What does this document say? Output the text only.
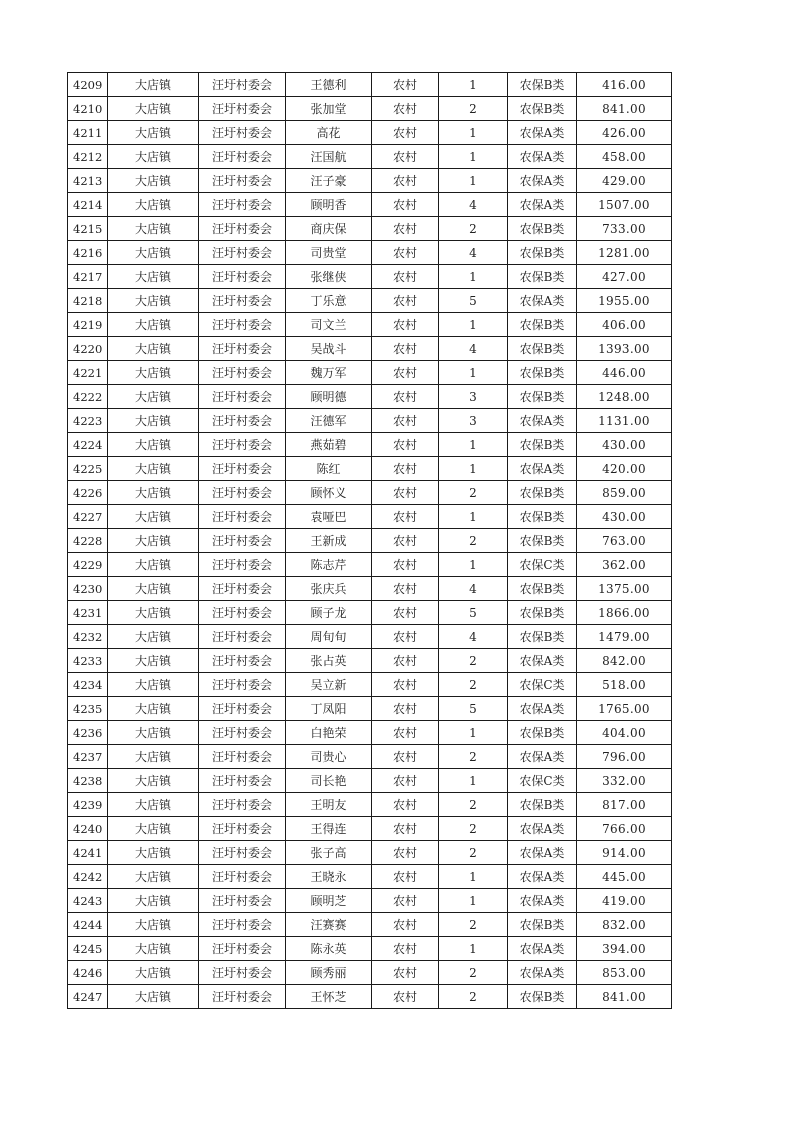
4209	大店镇	汪圩村委会	王德利	农村	1	农保B类	416.00
4210	大店镇	汪圩村委会	张加堂	农村	2	农保B类	841.00
4211	大店镇	汪圩村委会	高花	农村	1	农保A类	426.00
4212	大店镇	汪圩村委会	汪国航	农村	1	农保A类	458.00
4213	大店镇	汪圩村委会	汪子豪	农村	1	农保A类	429.00
4214	大店镇	汪圩村委会	顾明香	农村	4	农保A类	1507.00
4215	大店镇	汪圩村委会	商庆保	农村	2	农保B类	733.00
4216	大店镇	汪圩村委会	司贵堂	农村	4	农保B类	1281.00
4217	大店镇	汪圩村委会	张继侠	农村	1	农保B类	427.00
4218	大店镇	汪圩村委会	丁乐意	农村	5	农保A类	1955.00
4219	大店镇	汪圩村委会	司文兰	农村	1	农保B类	406.00
4220	大店镇	汪圩村委会	吴战斗	农村	4	农保B类	1393.00
4221	大店镇	汪圩村委会	魏万军	农村	1	农保B类	446.00
4222	大店镇	汪圩村委会	顾明德	农村	3	农保B类	1248.00
4223	大店镇	汪圩村委会	汪德军	农村	3	农保A类	1131.00
4224	大店镇	汪圩村委会	燕茹碧	农村	1	农保B类	430.00
4225	大店镇	汪圩村委会	陈红	农村	1	农保A类	420.00
4226	大店镇	汪圩村委会	顾怀义	农村	2	农保B类	859.00
4227	大店镇	汪圩村委会	袁哑巴	农村	1	农保B类	430.00
4228	大店镇	汪圩村委会	王新成	农村	2	农保B类	763.00
4229	大店镇	汪圩村委会	陈志芹	农村	1	农保C类	362.00
4230	大店镇	汪圩村委会	张庆兵	农村	4	农保B类	1375.00
4231	大店镇	汪圩村委会	顾子龙	农村	5	农保B类	1866.00
4232	大店镇	汪圩村委会	周旬旬	农村	4	农保B类	1479.00
4233	大店镇	汪圩村委会	张占英	农村	2	农保A类	842.00
4234	大店镇	汪圩村委会	吴立新	农村	2	农保C类	518.00
4235	大店镇	汪圩村委会	丁凤阳	农村	5	农保A类	1765.00
4236	大店镇	汪圩村委会	白艳荣	农村	1	农保B类	404.00
4237	大店镇	汪圩村委会	司贵心	农村	2	农保A类	796.00
4238	大店镇	汪圩村委会	司长艳	农村	1	农保C类	332.00
4239	大店镇	汪圩村委会	王明友	农村	2	农保B类	817.00
4240	大店镇	汪圩村委会	王得连	农村	2	农保A类	766.00
4241	大店镇	汪圩村委会	张子高	农村	2	农保A类	914.00
4242	大店镇	汪圩村委会	王晓永	农村	1	农保A类	445.00
4243	大店镇	汪圩村委会	顾明芝	农村	1	农保A类	419.00
4244	大店镇	汪圩村委会	汪赛赛	农村	2	农保B类	832.00
4245	大店镇	汪圩村委会	陈永英	农村	1	农保A类	394.00
4246	大店镇	汪圩村委会	顾秀丽	农村	2	农保A类	853.00
4247	大店镇	汪圩村委会	王怀芝	农村	2	农保B类	841.00
